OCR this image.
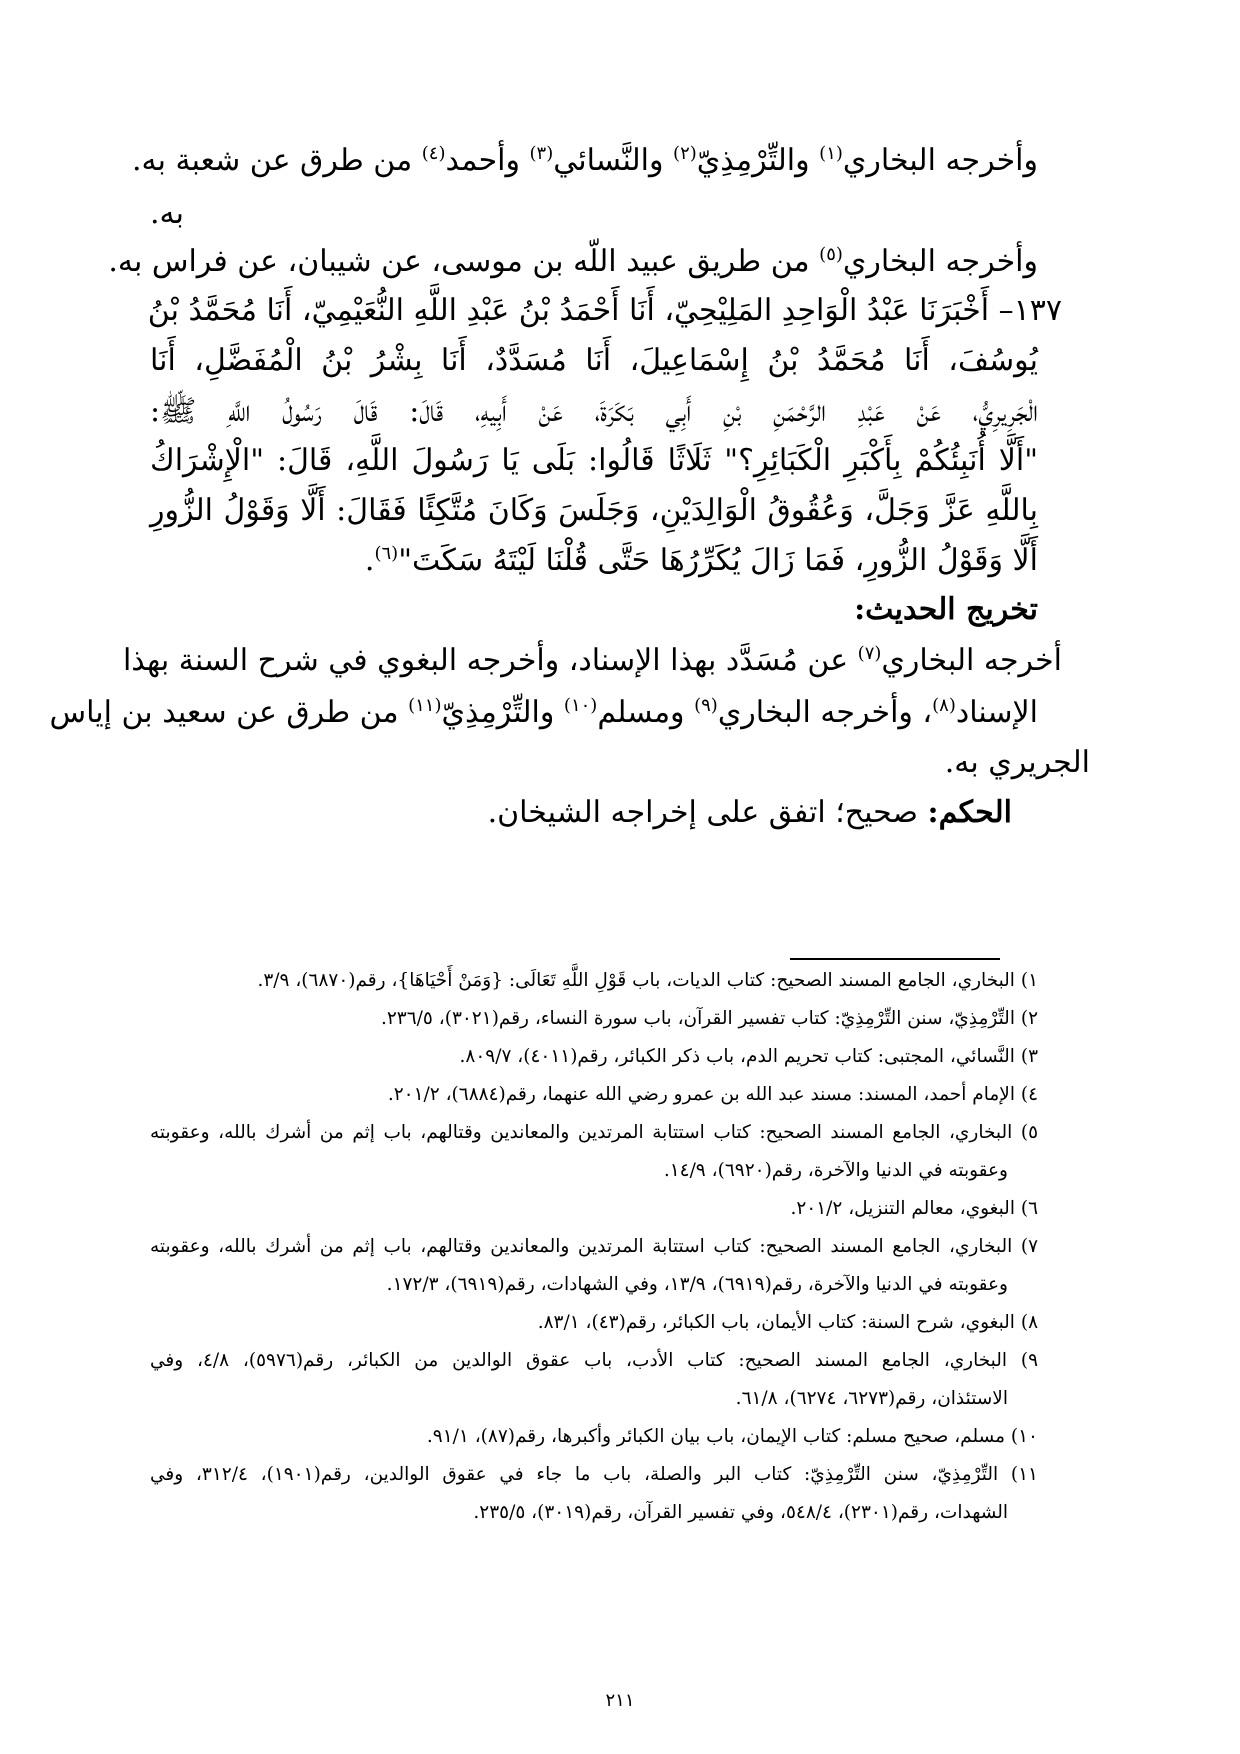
وأخرجه البخاري$^{(١)}$ والتِّرْمِذِيّ$^{(٢)}$ والنَّسائي$^{(٣)}$ وأحمد$^{(٤)}$ من طرق عن شعبة به.
به.
وأخرجه البخاري$^{(٥)}$ من طريق عبيد اللّه بن موسى، عن شيبان، عن فراس به.
١٣٧– أَخْبَرَنَا عَبْدُ الْوَاحِدِ المَلِيْحِيّ، أَنَا أَحْمَدُ بْنُ عَبْدِ اللَّهِ النُّعَيْمِيّ، أَنَا مُحَمَّدُ بْنُ
يُوسُفَ، أَنَا مُحَمَّدُ بْنُ إِسْمَاعِيلَ، أَنَا مُسَدَّدٌ، أَنَا بِشْرُ بْنُ الْمُفَضَّلِ، أَنَا
الْجَرِيرِيُّ، عَنْ عَبْدِ الرَّحْمَنِ بْنِ أَبِي بَكَرَةَ، عَنْ أَبِيهِ، قَالَ: قَالَ رَسُولُ اللَّهِ ﷺ:
"أَلَّا أُنَبِئُكُمْ بِأَكْبَرِ الْكَبَائِرِ؟" ثَلَاثًا قَالُوا: بَلَى يَا رَسُولَ اللَّهِ، قَالَ: "الْإِشْرَاكُ
بِاللَّهِ عَزَّ وَجَلَّ، وَعُقُوقُ الْوَالِدَيْنِ، وَجَلَسَ وَكَانَ مُتَّكِئًا فَقَالَ: أَلَّا وَقَوْلُ الزُّورِ
أَلَّا وَقَوْلُ الزُّورِ، فَمَا زَالَ يُكَرِّرُهَا حَتَّى قُلْنَا لَيْتَهُ سَكَتَ"$^{(٦)}$.
تخريج الحديث:
أخرجه البخاري$^{(٧)}$ عن مُسَدَّد بهذا الإسناد، وأخرجه البغوي في شرح السنة بهذا
الإسناد$^{(٨)}$، وأخرجه البخاري$^{(٩)}$ ومسلم$^{(١٠)}$ والتِّرْمِذِيّ$^{(١١)}$ من طرق عن سعيد بن إياس
الجريري به.
الحكم: صحيح؛ اتفق على إخراجه الشيخان.
١) البخاري، الجامع المسند الصحيح: كتاب الديات، باب قَوْلِ اللَّهِ تَعَالَى: {وَمَنْ أَحْيَاهَا}، رقم(٦٨٧٠)، ٣/٩.
٢) التِّرْمِذِيّ، سنن التِّرْمِذِيّ: كتاب تفسير القرآن، باب سورة النساء، رقم(٣٠٢١)، ٢٣٦/٥.
٣) النَّسائي، المجتبى: كتاب تحريم الدم، باب ذكر الكبائر، رقم(٤٠١١)، ٨٠٩/٧.
٤) الإمام أحمد، المسند: مسند عبد الله بن عمرو رضي الله عنهما، رقم(٦٨٨٤)، ٢٠١/٢.
٥) البخاري، الجامع المسند الصحيح: كتاب استتابة المرتدين والمعاندين وقتالهم، باب إثم من أشرك بالله، وعقوبته
وعقوبته في الدنيا والآخرة، رقم(٦٩٢٠)، ١٤/٩.
٦) البغوي، معالم التنزيل، ٢٠١/٢.
٧) البخاري، الجامع المسند الصحيح: كتاب استتابة المرتدين والمعاندين وقتالهم، باب إثم من أشرك بالله، وعقوبته
وعقوبته في الدنيا والآخرة، رقم(٦٩١٩)، ١٣/٩، وفي الشهادات، رقم(٦٩١٩)، ١٧٢/٣.
٨) البغوي، شرح السنة: كتاب الأيمان، باب الكبائر، رقم(٤٣)، ٨٣/١.
٩) البخاري، الجامع المسند الصحيح: كتاب الأدب، باب عقوق الوالدين من الكبائر، رقم(٥٩٧٦)، ٤/٨، وفي
الاستئذان، رقم(٦٢٧٣، ٦٢٧٤)، ٦١/٨.
١٠) مسلم، صحيح مسلم: كتاب الإيمان، باب بيان الكبائر وأكبرها، رقم(٨٧)، ٩١/١.
١١) التِّرْمِذِيّ، سنن التِّرْمِذِيّ: كتاب البر والصلة، باب ما جاء في عقوق الوالدين، رقم(١٩٠١)، ٣١٢/٤، وفي
الشهدات، رقم(٢٣٠١)، ٥٤٨/٤، وفي تفسير القرآن، رقم(٣٠١٩)، ٢٣٥/٥.
٢١١
